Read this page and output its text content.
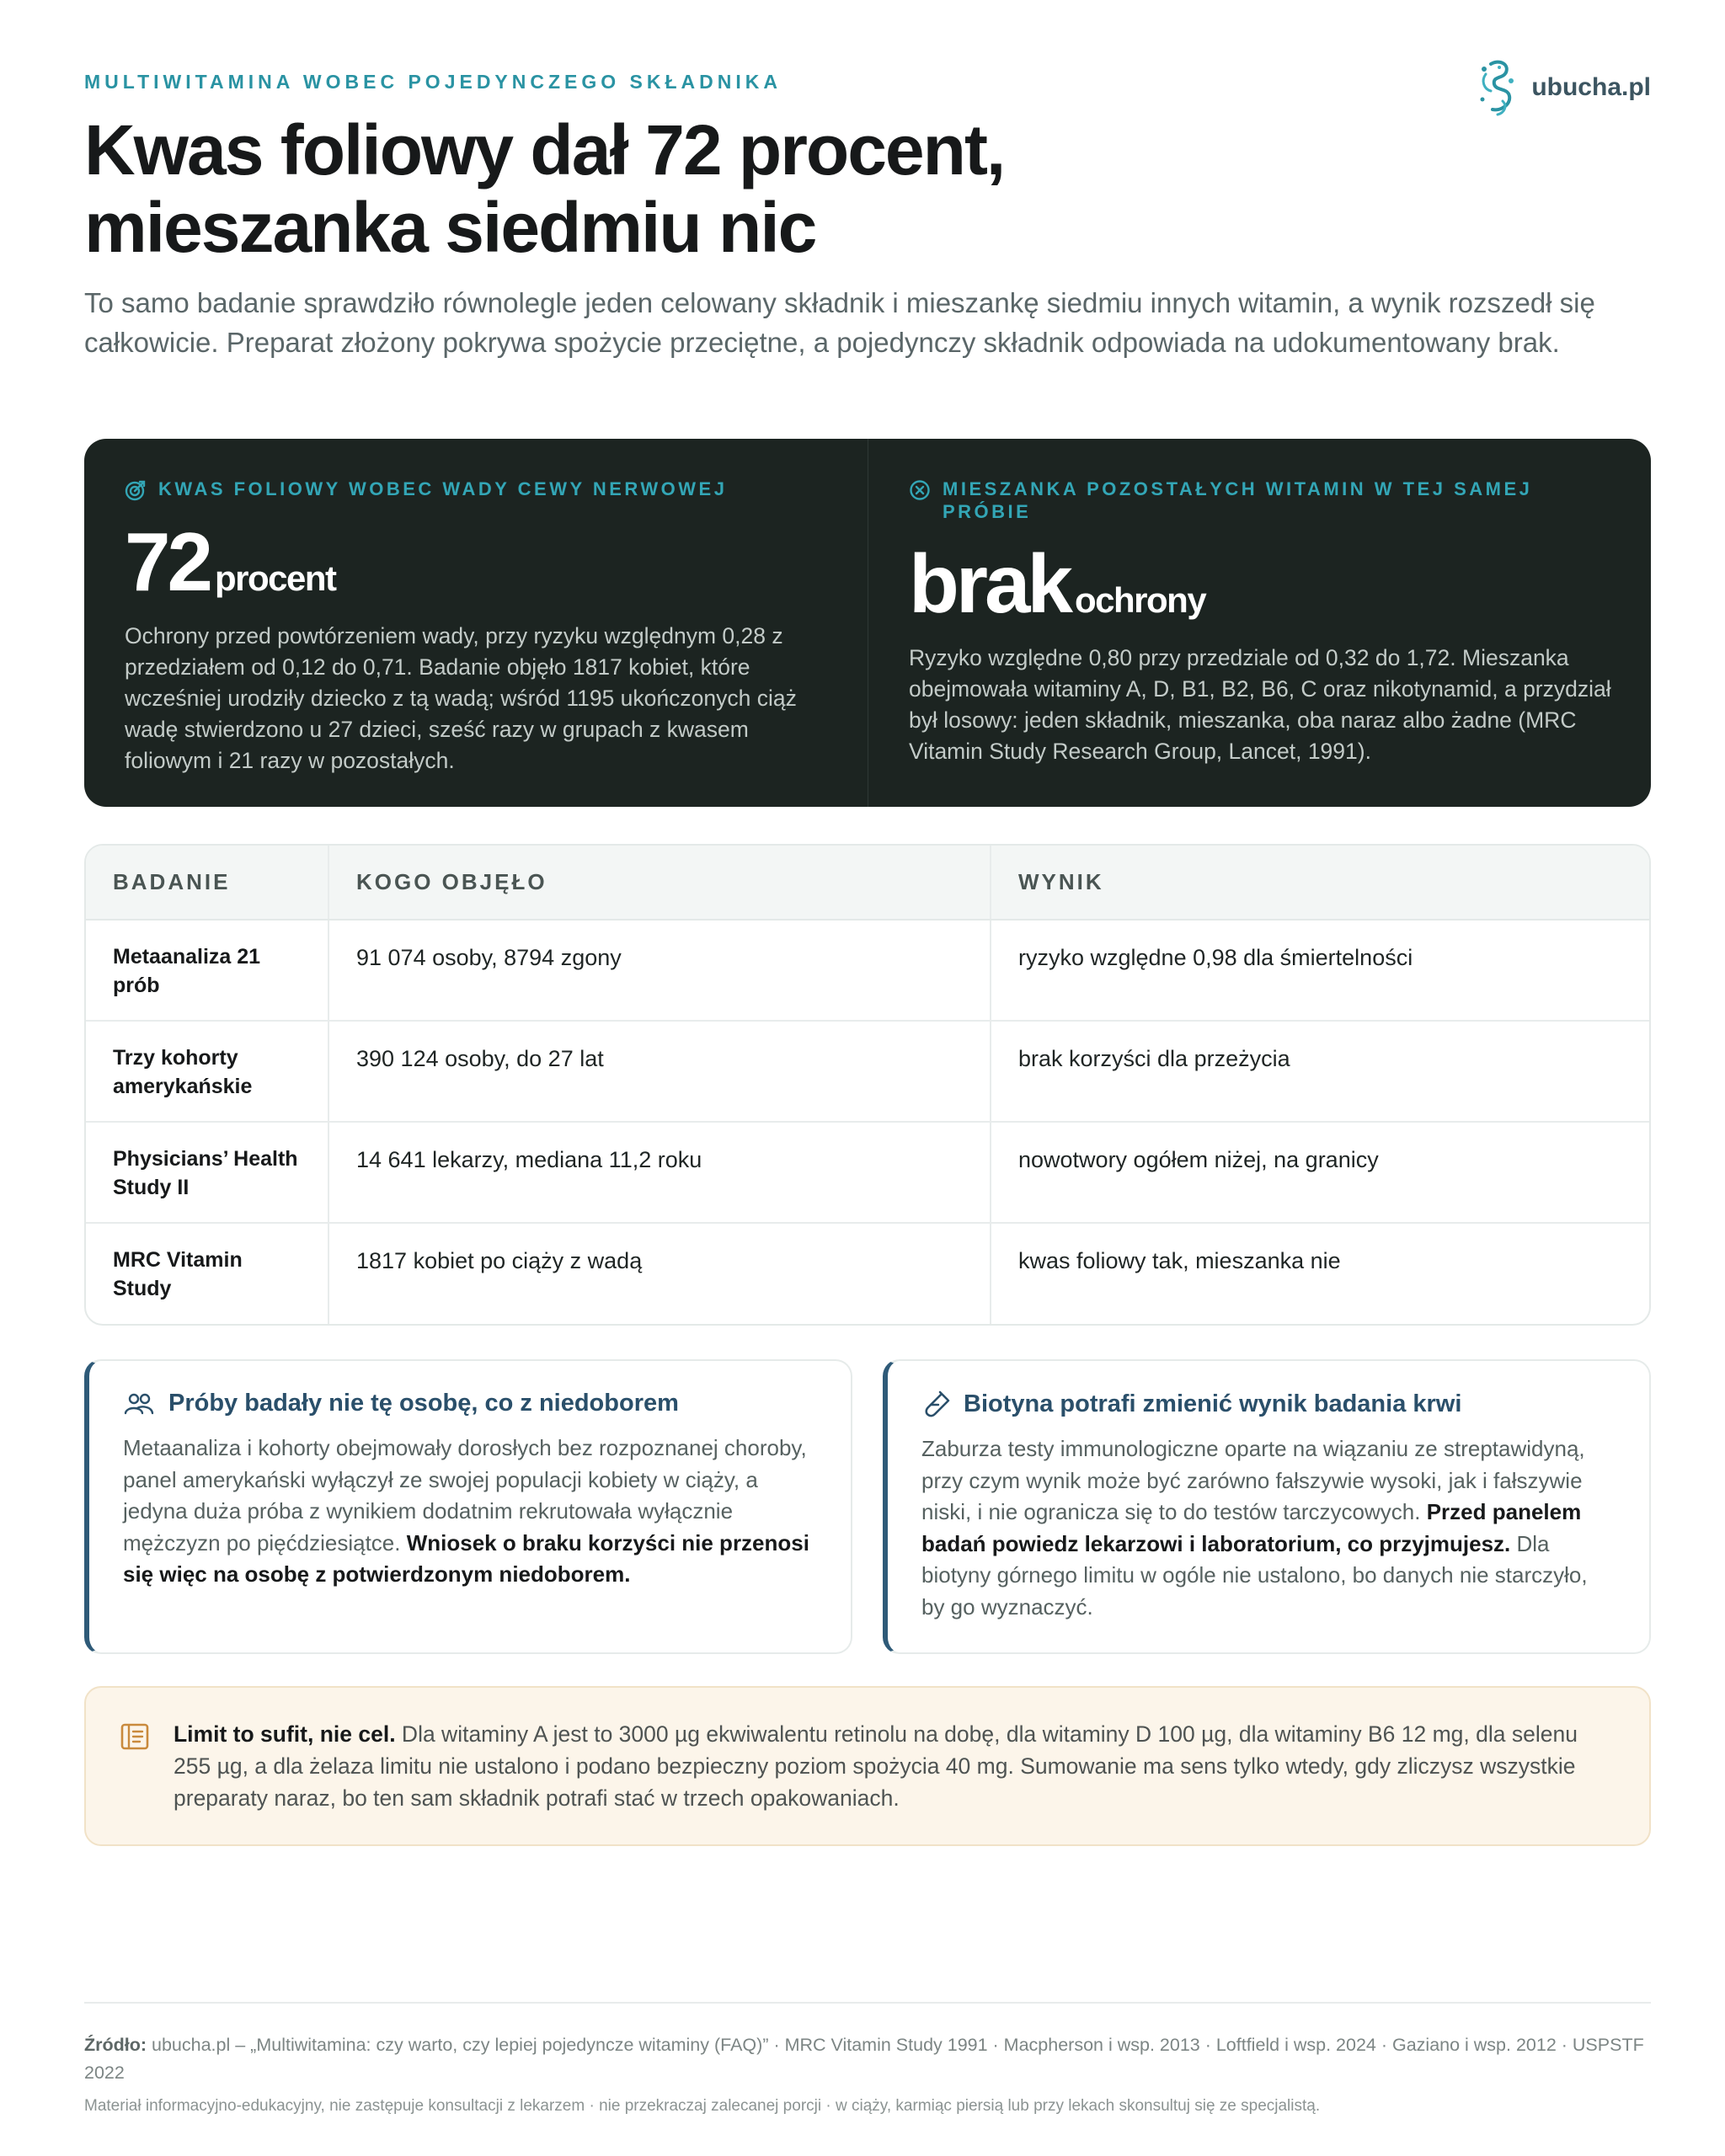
MULTIWITAMINA WOBEC POJEDYNCZEGO SKŁADNIKA	ubucha.pl
Kwas foliowy dał 72 procent,
mieszanka siedmiu nic

To samo badanie sprawdziło równolegle jeden celowany składnik i mieszankę siedmiu innych witamin, a wynik rozszedł się całkowicie. Preparat złożony pokrywa spożycie przeciętne, a pojedynczy składnik odpowiada na udokumentowany brak.

KWAS FOLIOWY WOBEC WADY CEWY NERWOWEJ
72 procent

Ochrony przed powtórzeniem wady, przy ryzyku względnym 0,28 z przedziałem od 0,12 do 0,71. Badanie objęło 1817 kobiet, które wcześniej urodziły dziecko z tą wadą; wśród 1195 ukończonych ciąż wadę stwierdzono u 27 dzieci, sześć razy w grupach z kwasem foliowym i 21 razy w pozostałych.

MIESZANKA POZOSTAŁYCH WITAMIN W TEJ SAMEJ PRÓBIE
brak ochrony

Ryzyko względne 0,80 przy przedziale od 0,32 do 1,72. Mieszanka obejmowała witaminy A, D, B1, B2, B6, C oraz nikotynamid, a przydział był losowy: jeden składnik, mieszanka, oba naraz albo żadne (MRC Vitamin Study Research Group, Lancet, 1991).

BADANIE	KOGO OBJĘŁO	WYNIK
Metaanaliza 21 prób	91 074 osoby, 8794 zgony	ryzyko względne 0,98 dla śmiertelności
Trzy kohorty amerykańskie	390 124 osoby, do 27 lat	brak korzyści dla przeżycia
Physicians’ Health Study II	14 641 lekarzy, mediana 11,2 roku	nowotwory ogółem niżej, na granicy
MRC Vitamin Study	1817 kobiet po ciąży z wadą	kwas foliowy tak, mieszanka nie
Próby badały nie tę osobę, co z niedoborem

Metaanaliza i kohorty obejmowały dorosłych bez rozpoznanej choroby, panel amerykański wyłączył ze swojej populacji kobiety w ciąży, a jedyna duża próba z wynikiem dodatnim rekrutowała wyłącznie mężczyzn po pięćdziesiątce. Wniosek o braku korzyści nie przenosi się więc na osobę z potwierdzonym niedoborem.

Biotyna potrafi zmienić wynik badania krwi

Zaburza testy immunologiczne oparte na wiązaniu ze streptawidyną, przy czym wynik może być zarówno fałszywie wysoki, jak i fałszywie niski, i nie ogranicza się to do testów tarczycowych. Przed panelem badań powiedz lekarzowi i laboratorium, co przyjmujesz. Dla biotyny górnego limitu w ogóle nie ustalono, bo danych nie starczyło, by go wyznaczyć.

Limit to sufit, nie cel. Dla witaminy A jest to 3000 µg ekwiwalentu retinolu na dobę, dla witaminy D 100 µg, dla witaminy B6 12 mg, dla selenu 255 µg, a dla żelaza limitu nie ustalono i podano bezpieczny poziom spożycia 40 mg. Sumowanie ma sens tylko wtedy, gdy zliczysz wszystkie preparaty naraz, bo ten sam składnik potrafi stać w trzech opakowaniach.

Źródło: ubucha.pl – „Multiwitamina: czy warto, czy lepiej pojedyncze witaminy (FAQ)” · MRC Vitamin Study 1991 · Macpherson i wsp. 2013 · Loftfield i wsp. 2024 · Gaziano i wsp. 2012 · USPSTF 2022

Materiał informacyjno-edukacyjny, nie zastępuje konsultacji z lekarzem · nie przekraczaj zalecanej porcji · w ciąży, karmiąc piersią lub przy lekach skonsultuj się ze specjalistą.
